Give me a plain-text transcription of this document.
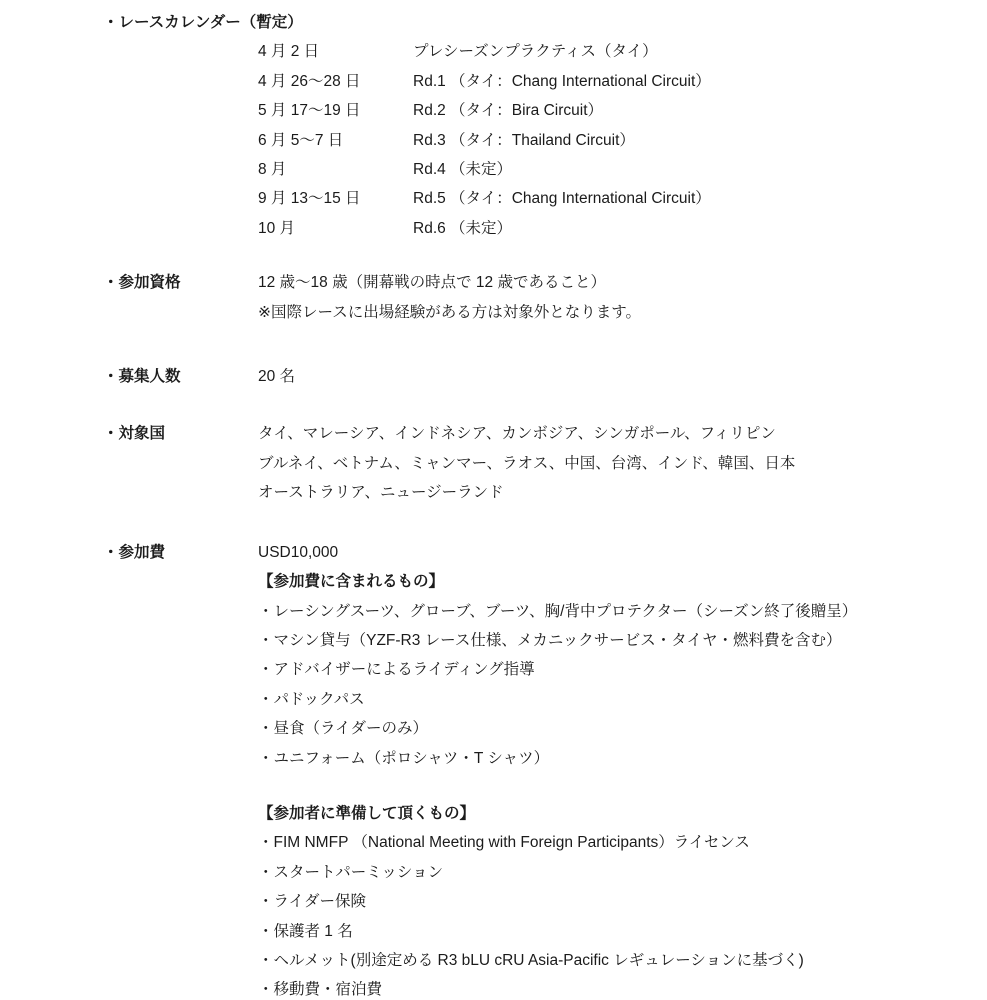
・レースカレンダー（暫定）
4 月 2 日	プレシーズンプラクティス（タイ）
4 月 26～28 日	Rd.1 （タイ：Chang International Circuit）
5 月 17～19 日	Rd.2 （タイ：Bira Circuit）
6 月 5～7 日	Rd.3 （タイ：Thailand Circuit）
8 月	Rd.4 （未定）
9 月 13～15 日	Rd.5 （タイ：Chang International Circuit）
10 月	Rd.6 （未定）
・参加資格	12 歳～18 歳（開幕戦の時点で 12 歳であること）
※国際レースに出場経験がある方は対象外となります。
・募集人数	20 名
・対象国	タイ、マレーシア、インドネシア、カンボジア、シンガポール、フィリピン
ブルネイ、ベトナム、ミャンマー、ラオス、中国、台湾、インド、韓国、日本
オーストラリア、ニュージーランド
・参加費	USD10,000
【参加費に含まれるもの】
・レーシングスーツ、グローブ、ブーツ、胸/背中プロテクター（シーズン終了後贈呈）
・マシン貸与（YZF-R3 レース仕様、メカニックサービス・タイヤ・燃料費を含む）
・アドバイザーによるライディング指導
・パドックパス
・昼食（ライダーのみ）
・ユニフォーム（ポロシャツ・T シャツ）
【参加者に準備して頂くもの】
・FIM NMFP （National Meeting with Foreign Participants）ライセンス
・スタートパーミッション
・ライダー保険
・保護者 1 名
・ヘルメット(別途定める R3 bLU cRU Asia-Pacific レギュレーションに基づく)
・移動費・宿泊費
